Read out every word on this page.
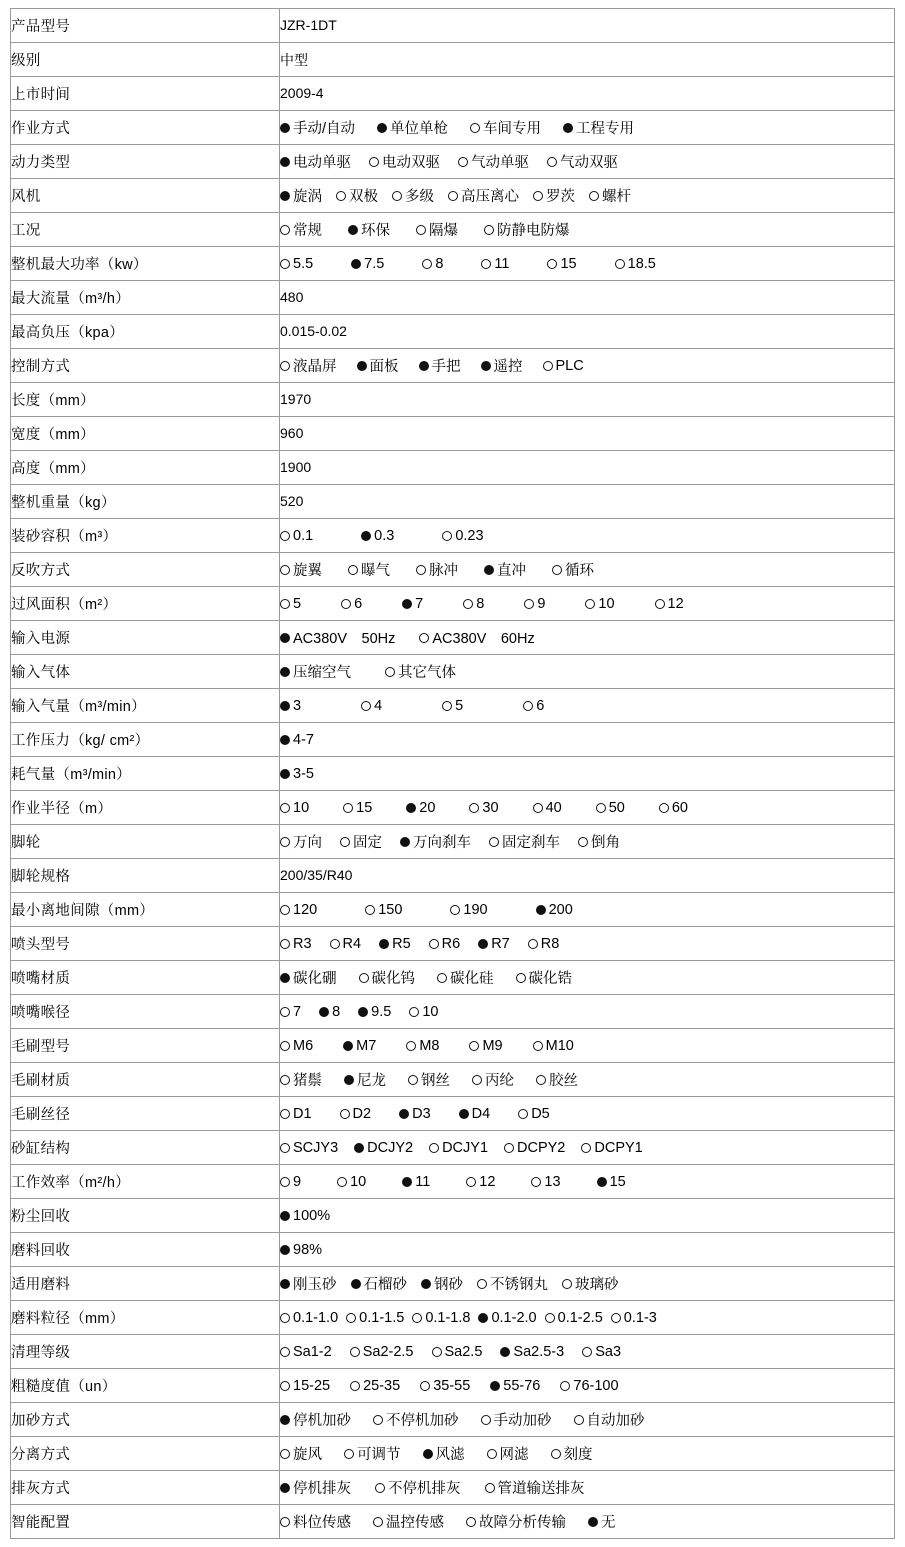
产品型号	JZR-1DT
级别	中型
上市时间	2009-4
作业方式	手动/自动 单位单枪 车间专用 工程专用

动力类型	电动单驱 电动双驱 气动单驱 气动双驱

风机	旋涡 双极 多级 高压离心 罗茨 螺杆

工况	常规 环保 隔爆 防静电防爆

整机最大功率（kw）	5.5	7.5	8	11	15	18.5

最大流量（m³/h）	480
最高负压（kpa）	0.015-0.02
控制方式	液晶屏 面板 手把 遥控 PLC

长度（mm）	1970
宽度（mm）	960
高度（mm）	1900
整机重量（kg）	520
装砂容积（m³）	0.1 0.3 0.23

反吹方式	旋翼 曝气 脉冲 直冲 循环

过风面积（m²）	5	6	7	8	9	10	12

输入电源	AC380V　50Hz AC380V　60Hz

输入气体	压缩空气 其它气体

输入气量（m³/min）	3 4 5 6

工作压力（kg/ cm²）	4-7

耗气量（m³/min）	3-5

作业半径（m）	10	15	20	30	40	50	60

脚轮	万向 固定 万向刹车 固定刹车 倒角

脚轮规格	200/35/R40
最小离地间隙（mm）	120 150 190 200

喷头型号	R3 R4 R5 R6 R7 R8

喷嘴材质	碳化硼 碳化钨 碳化硅 碳化锆

喷嘴喉径	7 8 9.5 10

毛刷型号	M6 M7 M8 M9 M10

毛刷材质	猪鬃 尼龙 钢丝 丙纶 胶丝

毛刷丝径	D1 D2 D3 D4 D5

砂缸结构	SCJY3 DCJY2 DCJY1 DCPY2 DCPY1

工作效率（m²/h）	9	10	11	12	13	15

粉尘回收	100%

磨料回收	98%

适用磨料	刚玉砂 石榴砂 钢砂 不锈钢丸 玻璃砂

磨料粒径（mm）	0.1-1.0 0.1-1.5 0.1-1.8 0.1-2.0 0.1-2.5 0.1-3

清理等级	Sa1-2 Sa2-2.5 Sa2.5 Sa2.5-3 Sa3

粗糙度值（un）	15-25 25-35 35-55 55-76 76-100

加砂方式	停机加砂 不停机加砂 手动加砂 自动加砂

分离方式	旋风 可调节 风滤 网滤 刻度

排灰方式	停机排灰 不停机排灰 管道输送排灰

智能配置	料位传感 温控传感 故障分析传输 无
